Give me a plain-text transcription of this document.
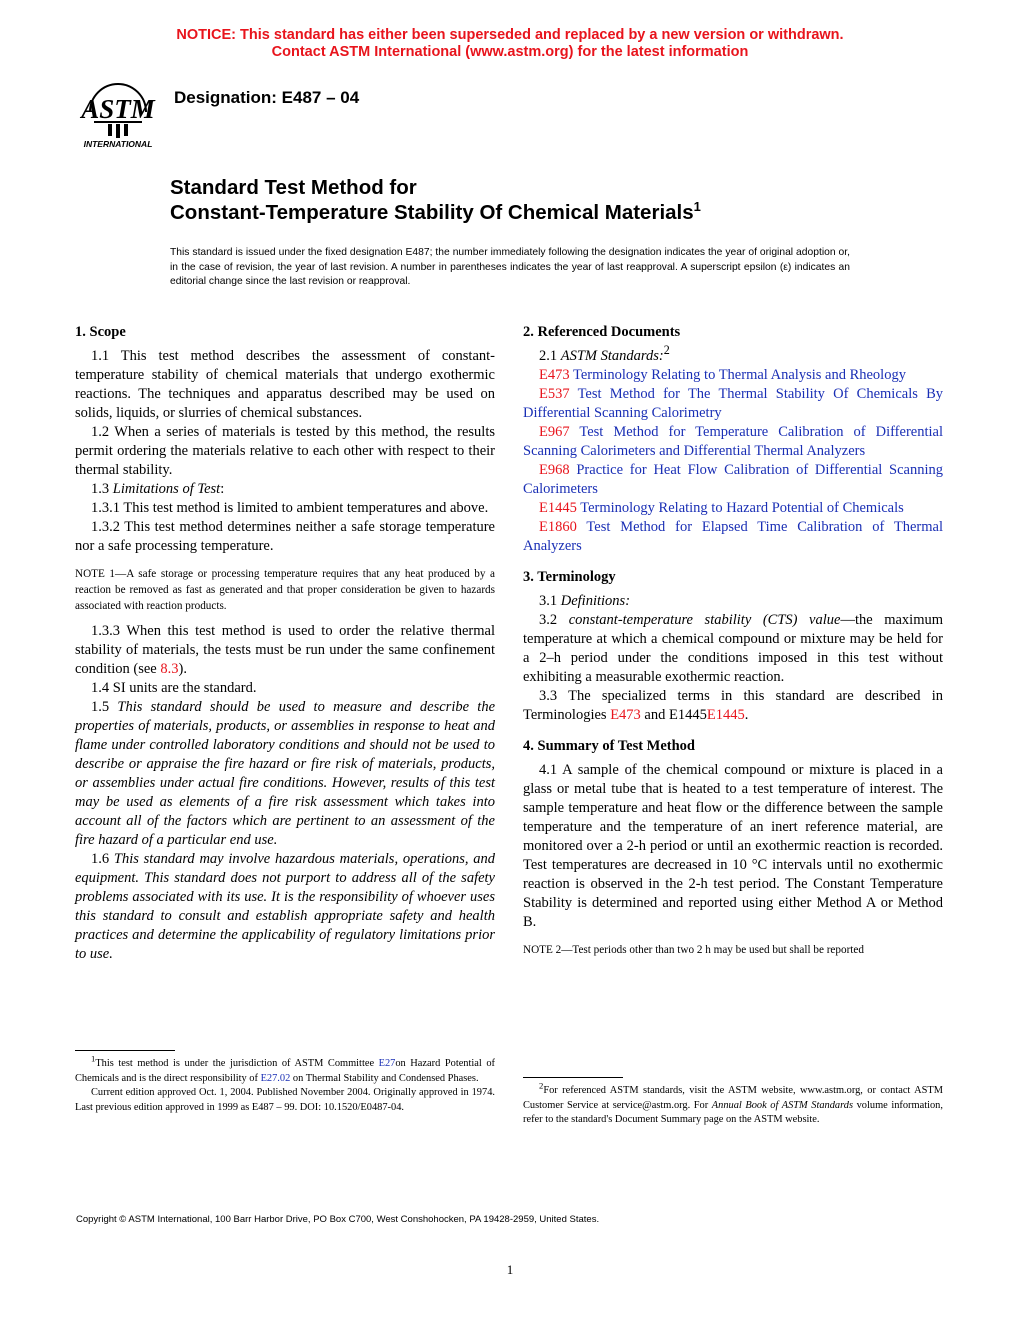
NOTICE: This standard has either been superseded and replaced by a new version or withdrawn.
Contact ASTM International (www.astm.org) for the latest information
ASTM
INTERNATIONAL
Designation: E487 – 04
Standard Test Method for
Constant-Temperature Stability Of Chemical Materials$^1$
This standard is issued under the fixed designation E487; the number immediately following the designation indicates the year of original adoption or, in the case of revision, the year of last revision. A number in parentheses indicates the year of last reapproval. A superscript epsilon (ε) indicates an editorial change since the last revision or reapproval.
1. Scope

1.1 This test method describes the assessment of constant-temperature stability of chemical materials that undergo exothermic reactions. The techniques and apparatus described may be used on solids, liquids, or slurries of chemical substances.

1.2 When a series of materials is tested by this method, the results permit ordering the materials relative to each other with respect to their thermal stability.

1.3 Limitations of Test:

1.3.1 This test method is limited to ambient temperatures and above.

1.3.2 This test method determines neither a safe storage temperature nor a safe processing temperature.

NOTE 1—A safe storage or processing temperature requires that any heat produced by a reaction be removed as fast as generated and that proper consideration be given to hazards associated with reaction products.

1.3.3 When this test method is used to order the relative thermal stability of materials, the tests must be run under the same confinement condition (see 8.3).

1.4 SI units are the standard.

1.5 This standard should be used to measure and describe the properties of materials, products, or assemblies in response to heat and flame under controlled laboratory conditions and should not be used to describe or appraise the fire hazard or fire risk of materials, products, or assemblies under actual fire conditions. However, results of this test may be used as elements of a fire risk assessment which takes into account all of the factors which are pertinent to an assessment of the fire hazard of a particular end use.

1.6 This standard may involve hazardous materials, operations, and equipment. This standard does not purport to address all of the safety problems associated with its use. It is the responsibility of whoever uses this standard to consult and establish appropriate safety and health practices and determine the applicability of regulatory limitations prior to use.

2. Referenced Documents

2.1 ASTM Standards:$^2$

E473 Terminology Relating to Thermal Analysis and Rheology

E537 Test Method for The Thermal Stability Of Chemicals By Differential Scanning Calorimetry

E967 Test Method for Temperature Calibration of Differential Scanning Calorimeters and Differential Thermal Analyzers

E968 Practice for Heat Flow Calibration of Differential Scanning Calorimeters

E1445 Terminology Relating to Hazard Potential of Chemicals

E1860 Test Method for Elapsed Time Calibration of Thermal Analyzers

3. Terminology

3.1 Definitions:

3.2 constant-temperature stability (CTS) value—the maximum temperature at which a chemical compound or mixture may be held for a 2–h period under the conditions imposed in this test without exhibiting a measurable exothermic reaction.

3.3 The specialized terms in this standard are described in Terminologies E473 and E1445E1445.

4. Summary of Test Method

4.1 A sample of the chemical compound or mixture is placed in a glass or metal tube that is heated to a test temperature of interest. The sample temperature and heat flow or the difference between the sample temperature and the temperature of an inert reference material, are monitored over a 2-h period or until an exothermic reaction is recorded. Test temperatures are decreased in 10 °C intervals until no exothermic reaction is observed in the 2-h test period. The Constant Temperature Stability is determined and reported using either Method A or Method B.

NOTE 2—Test periods other than two 2 h may be used but shall be reported

$^1$This test method is under the jurisdiction of ASTM Committee E27on Hazard Potential of Chemicals and is the direct responsibility of E27.02 on Thermal Stability and Condensed Phases.

Current edition approved Oct. 1, 2004. Published November 2004. Originally approved in 1974. Last previous edition approved in 1999 as E487 – 99. DOI: 10.1520/E0487-04.

$^2$For referenced ASTM standards, visit the ASTM website, www.astm.org, or contact ASTM Customer Service at service@astm.org. For Annual Book of ASTM Standards volume information, refer to the standard's Document Summary page on the ASTM website.

Copyright © ASTM International, 100 Barr Harbor Drive, PO Box C700, West Conshohocken, PA 19428-2959, United States.
1
